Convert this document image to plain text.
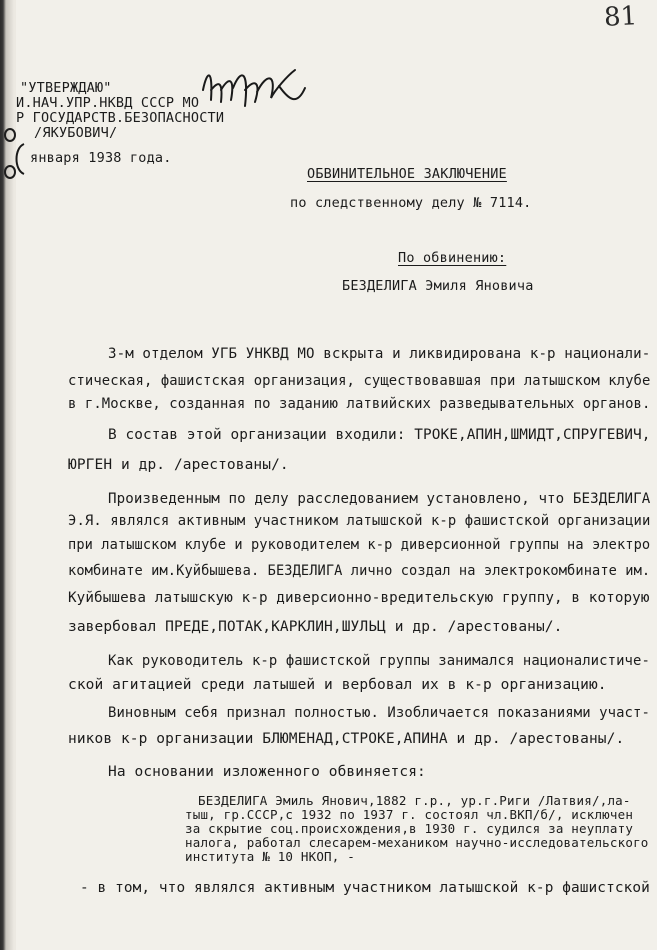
81
"УТВЕРЖДАЮ"
И.НАЧ.УПР.НКВД СССР МО
Р ГОСУДАРСТВ.БЕЗОПАСНОСТИ
/ЯКУБОВИЧ/
января 1938 года.
ОБВИНИТЕЛЬНОЕ ЗАКЛЮЧЕНИЕ
по следственному делу № 7114.
По обвинению:
БЕЗДЕЛИГА Эмиля Яновича
3-м отделом УГБ УНКВД МО вскрыта и ликвидирована к-р национали-
стическая, фашистская организация, существовавшая при латышском клубе
в г.Москве, созданная по заданию латвийских разведывательных органов.
В состав этой организации входили: ТРОКЕ,АПИН,ШМИДТ,СПРУГЕВИЧ,
ЮРГЕН и др. /арестованы/.
Произведенным по делу расследованием установлено, что БЕЗДЕЛИГА
Э.Я. являлся активным участником латышской к-р фашистской организации
при латышском клубе и руководителем к-р диверсионной группы на электро
комбинате им.Куйбышева. БЕЗДЕЛИГА лично создал на электрокомбинате им.
Куйбышева латышскую к-р диверсионно-вредительскую группу, в которую
завербовал ПРЕДЕ,ПОТАК,КАРКЛИН,ШУЛЬЦ и др. /арестованы/.
Как руководитель к-р фашистской группы занимался националистиче-
ской агитацией среди латышей и вербовал их в к-р организацию.
Виновным себя признал полностью. Изобличается показаниями участ-
ников к-р организации БЛЮМЕНАД,СТРОКЕ,АПИНА и др. /арестованы/.
На основании изложенного обвиняется:
БЕЗДЕЛИГА Эмиль Янович,1882 г.р., ур.г.Риги /Латвия/,ла-
тыш, гр.СССР,с 1932 по 1937 г. состоял чл.ВКП/б/, исключен
за скрытие соц.происхождения,в 1930 г. судился за неуплату
налога, работал слесарем-механиком научно-исследовательского
института № 10 НКОП, -
- в том, что являлся активным участником латышской к-р фашистской
